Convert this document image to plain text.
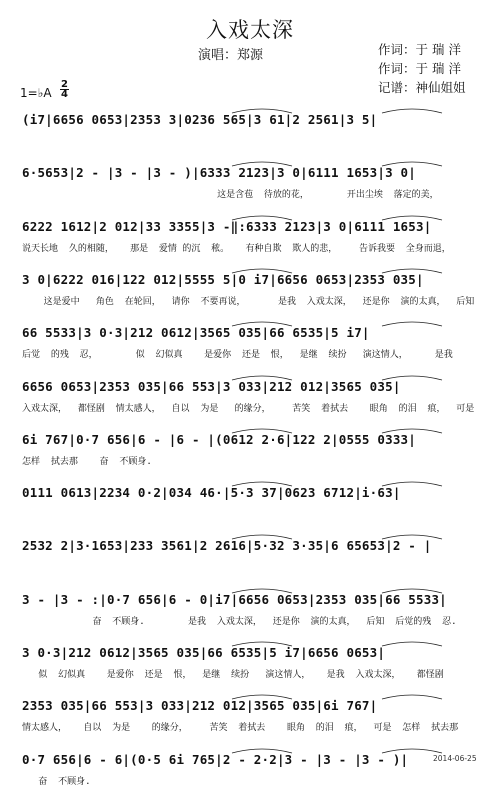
入戏太深
演唱：郑源	作词：于 瑞 洋
作词：于 瑞 洋
记谱：神仙姐姐
1=♭A $\frac{2}{4}$
(i7|6656 0653|2353 3|0236 565|3 61|2 2561|3 5|
6·5653|2 - |3 - |3 - )|6333 2123|3 0|6111 1653|3 0|
这是含苞  待放的花，       开出尘埃  落定的美，
6222 1612|2 012|33 3355|3 -‖:6333 2123|3 0|6111 1653|
说天长地  久的相随，   那是  爱情 的沉  秾。   有种自欺  欺人的悲，    告诉我要  全身而退，
3 0|6222 016|122 012|5555 5|0 i7|6656 0653|2353 035|
这是爱中   角色  在轮回，  请你  不要再说，      是我  入戏太深，  还是你  演的太真，  后知
66 5533|3 0·3|212 0612|3565 035|66 6535|5 i7|
后觉  的残  忍，       似  幻似真    是爱你  还是  恨，  是继  续扮   演这情人，     是我
6656 0653|2353 035|66 553|3 033|212 012|3565 035|
入戏太深，  都怪剧  情太感人，  自以  为是   的缘分，    苦笑  着拭去    眼角  的泪  痕，  可是
6i 767|0·7 656|6 - |6 - |(0612 2·6|122 2|0555 0333|
怎样  拭去那    奋  不顾身.
0111 0613|2234 0·2|034 46·|5·3 37|0623 6712|i·63|
2532 2|3·1653|233 3561|2 2616|5·32 3·35|6 65653|2 - |
3 - |3 - :|0·7 656|6 - 0|i7|6656 0653|2353 035|66 5533|
奋  不顾身.        是我  入戏太深，  还是你  演的太真，  后知  后觉的残  忍.
3 0·3|212 0612|3565 035|66 6535|5 i7|6656 0653|
似  幻似真    是爱你  还是  恨，  是继  续扮   演这情人，   是我  入戏太深，   都怪剧
2353 035|66 553|3 033|212 012|3565 035|6i 767|
情太感人，   自以  为是    的缘分，    苦笑  着拭去    眼角  的泪  痕，  可是  怎样  拭去那
0·7 656|6 - 6|(0·5 6i 765|2 - 2·2|3 - |3 - |3 - )|
奋  不顾身.
2014-06-25
